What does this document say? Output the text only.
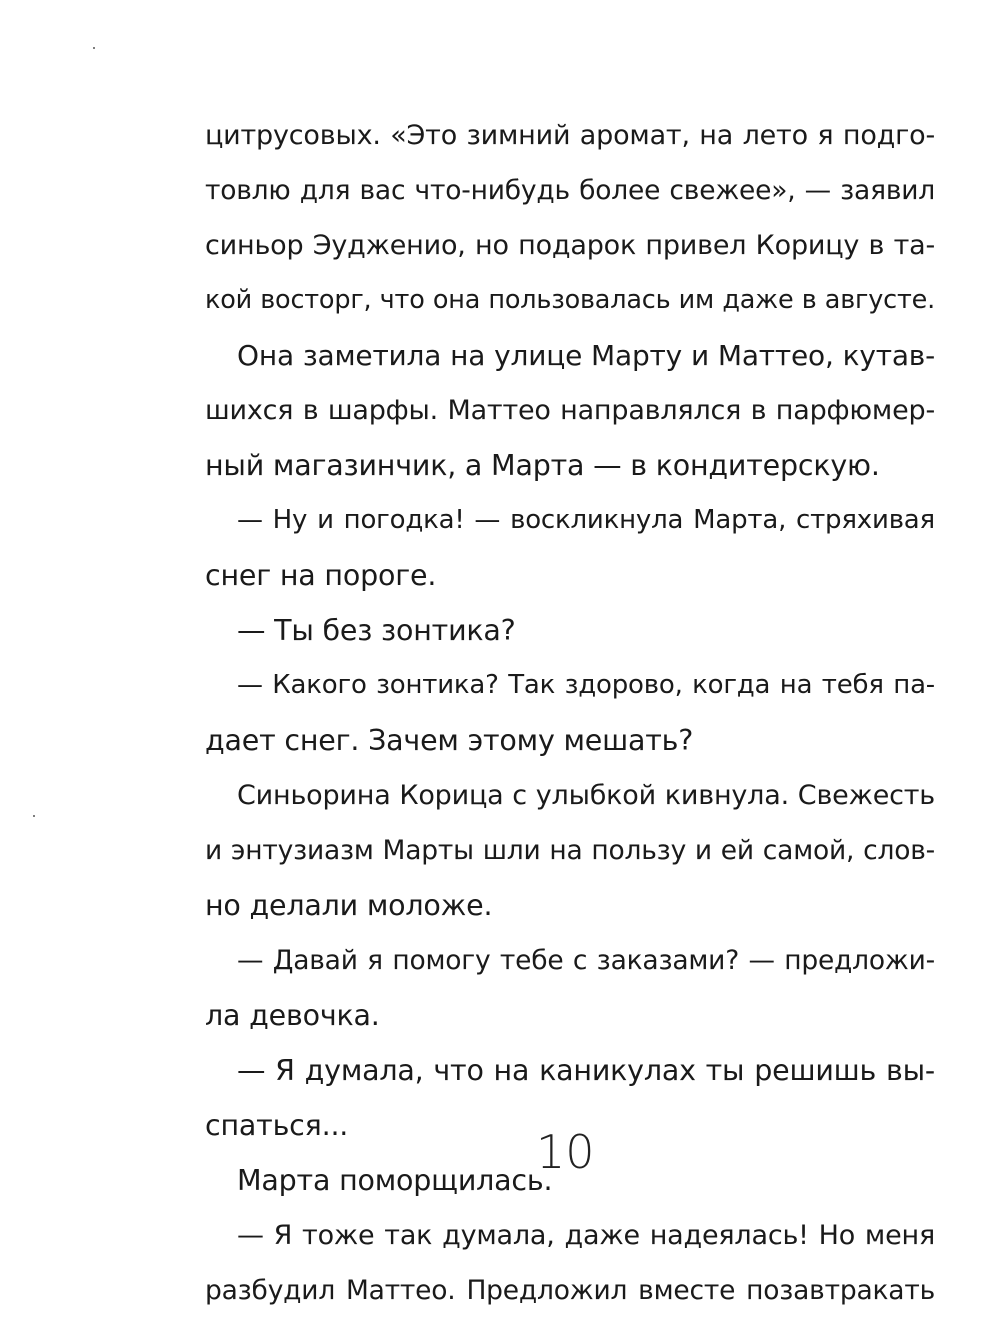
цитрусовых. «Это зимний аромат, на лето я подго-
товлю для вас что-нибудь более свежее», — заявил
синьор Эудженио, но подарок привел Корицу в та-
кой восторг, что она пользовалась им даже в августе.
Она заметила на улице Марту и Маттео, кутав-
шихся в шарфы. Маттео направлялся в парфюмер-
ный магазинчик, а Марта — в кондитерскую.
— Ну и погодка! — воскликнула Марта, стряхивая
снег на пороге.
— Ты без зонтика?
— Какого зонтика? Так здорово, когда на тебя па-
дает снег. Зачем этому мешать?
Синьорина Корица с улыбкой кивнула. Свежесть
и энтузиазм Марты шли на пользу и ей самой, слов-
но делали моложе.
— Давай я помогу тебе с заказами? — предложи-
ла девочка.
— Я думала, что на каникулах ты решишь вы-
спаться...
Марта поморщилась.
— Я тоже так думала, даже надеялась! Но меня
разбудил Маттео. Предложил вместе позавтракать
10
